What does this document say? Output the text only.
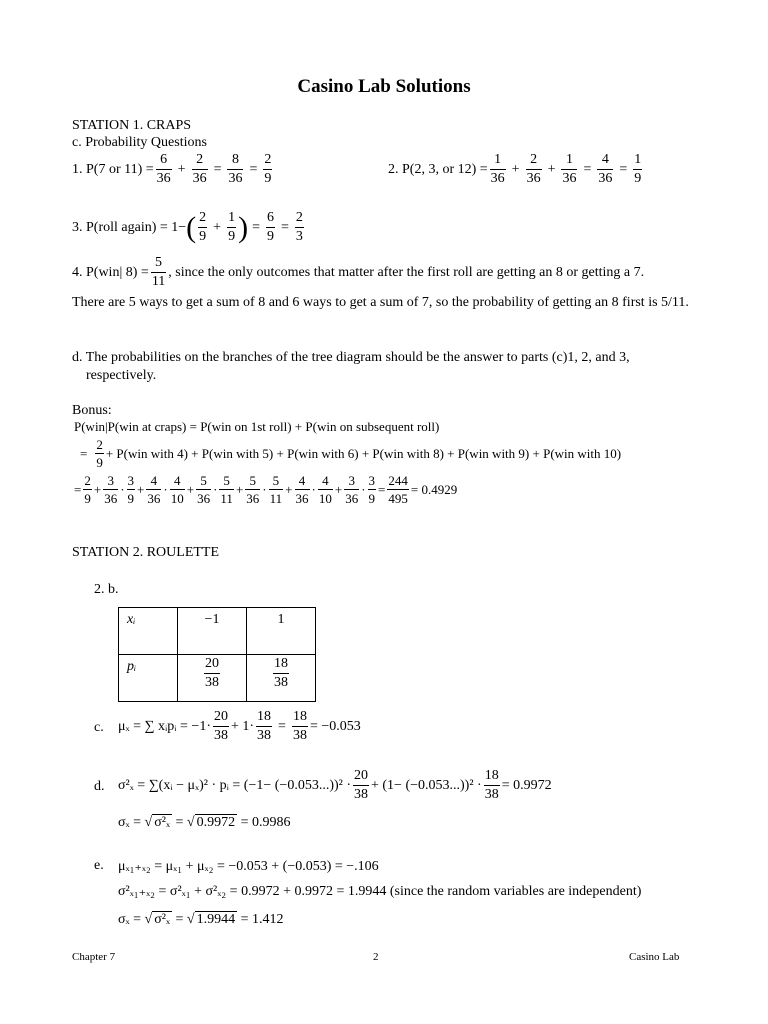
Casino Lab Solutions
STATION 1. CRAPS
c. Probability Questions
1. P(7 or $11) = \frac{6}{36} + \frac{2}{36} = \frac{8}{36} = \frac{2}{9}$	2. P(2, 3, or $12) = \frac{1}{36} + \frac{2}{36} + \frac{1}{36} = \frac{4}{36} = \frac{1}{9}$
3. P(roll again) = 1− ( $\frac{2}{9} + \frac{1}{9}$ ) = $\frac{6}{9} = \frac{2}{3}$
4. P(win| $8) = \frac{5}{11}$ , since the only outcomes that matter after the first roll are getting an 8 or getting a 7.
There are 5 ways to get a sum of 8 and 6 ways to get a sum of 7, so the probability of getting an 8 first is 5/11.
d. The probabilities on the branches of the tree diagram should be the answer to parts (c)1, 2, and 3, respectively.
Bonus:
P(win|P(win at craps) = P(win on 1st roll) + P(win on subsequent roll)
= $\frac{2}{9} + P(win$ with 4) + P(win with 5) + P(win with 6) + P(win with 8) + P(win with 9) + P(win with 10)
= $\frac{2}{9} + \frac{3}{36} \cdot \frac{3}{9} + \frac{4}{36} \cdot \frac{4}{10} + \frac{5}{36} \cdot \frac{5}{11} + \frac{5}{36} \cdot \frac{5}{11} + \frac{4}{36} \cdot \frac{4}{10} + \frac{3}{36} \cdot \frac{3}{9} = \frac{244}{495} = 0.4929$
STATION 2. ROULETTE
2. b.
xᵢ	−1	1
pᵢ	$\frac{20}{38}$	$\frac{18}{38}$
c. μₓ = ∑ xᵢpᵢ = $-1\cdot \frac{20}{38} + 1\cdot \frac{18}{38} = \frac{18}{38} = -0.053$
d. σ²ₓ = ∑(xᵢ − μₓ)² · pᵢ = $(-1- (-0.053...))^2 \cdot \frac{20}{38} + (1- (-0.053...))^2 \cdot \frac{18}{38} = 0.9972$
σₓ = √ σ²ₓ = √ 0.9972 = 0.9986
e. μₓ₁₊ₓ₂ = μₓ₁ + μₓ₂ = −0.053 + (−0.053) = −.106
σ²ₓ₁₊ₓ₂ = σ²ₓ₁ + σ²ₓ₂ = 0.9972 + 0.9972 = 1.9944 (since the random variables are independent)
σₓ = √ σ²ₓ = √ 1.9944 = 1.412
Chapter 7	2	Casino Lab
